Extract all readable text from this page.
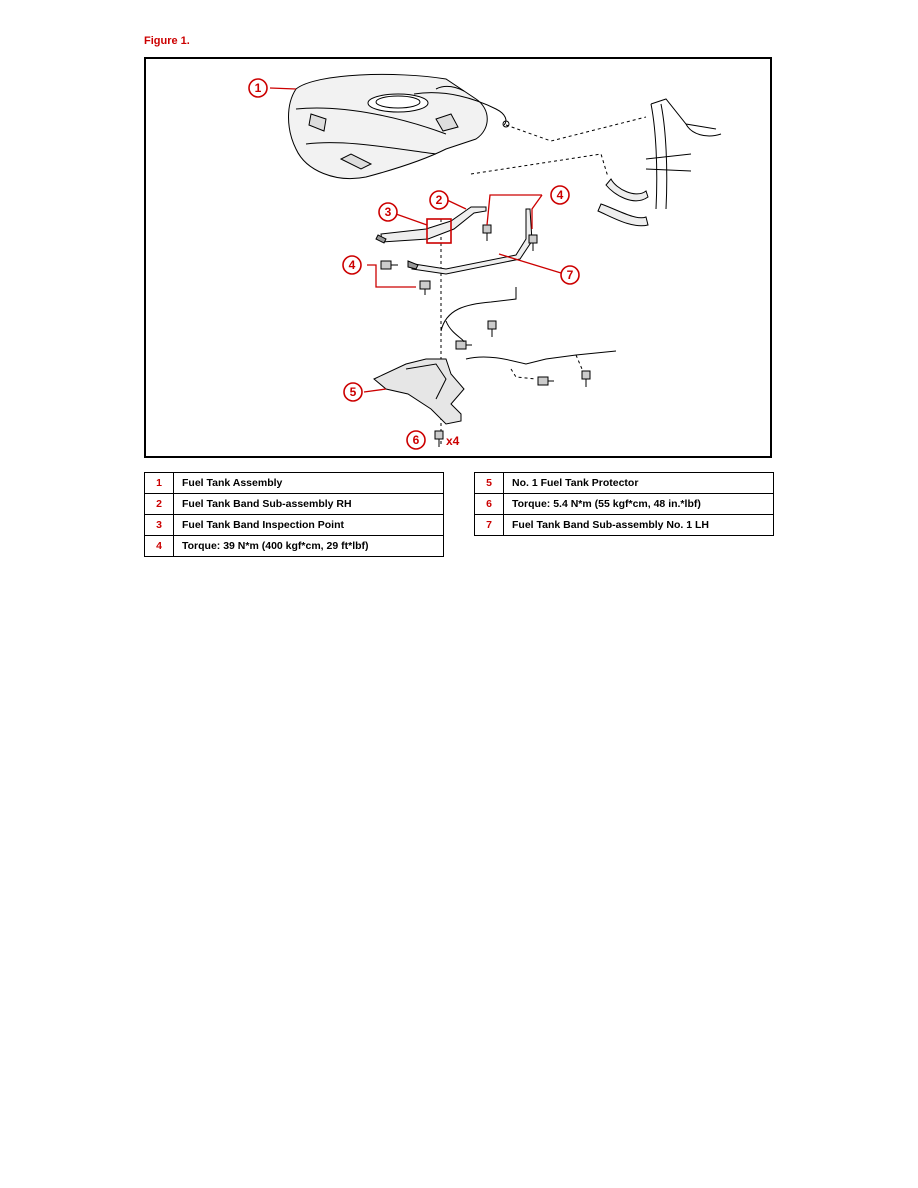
Figure 1.
1
2
3
4
4
5
6
7
x4
1	Fuel Tank Assembly
2	Fuel Tank Band Sub-assembly RH
3	Fuel Tank Band Inspection Point
4	Torque: 39 N*m (400 kgf*cm, 29 ft*lbf)
5	No. 1 Fuel Tank Protector
6	Torque: 5.4 N*m (55 kgf*cm, 48 in.*lbf)
7	Fuel Tank Band Sub-assembly No. 1 LH
